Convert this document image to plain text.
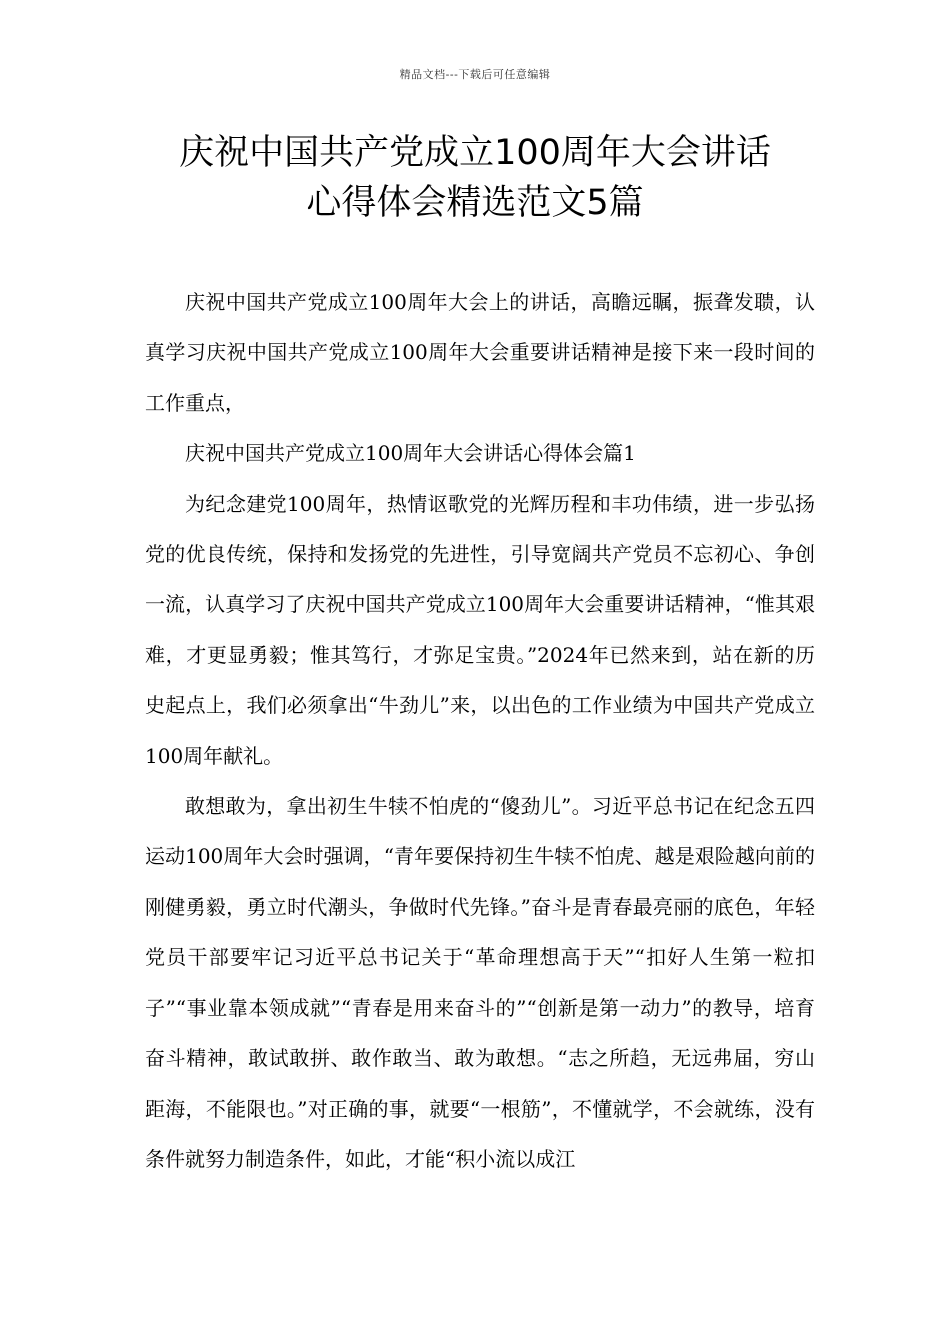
精品文档---下载后可任意编辑
庆祝中国共产党成立100周年大会讲话
心得体会精选范文5篇

庆祝中国共产党成立100周年大会上的讲话，高瞻远瞩，振聋发聩，认真学习庆祝中国共产党成立100周年大会重要讲话精神是接下来一段时间的工作重点，

庆祝中国共产党成立100周年大会讲话心得体会篇1

为纪念建党100周年，热情讴歌党的光辉历程和丰功伟绩，进一步弘扬党的优良传统，保持和发扬党的先进性，引导宽阔共产党员不忘初心、争创一流，认真学习了庆祝中国共产党成立100周年大会重要讲话精神，“惟其艰难，才更显勇毅；惟其笃行，才弥足宝贵。”2024年已然来到，站在新的历史起点上，我们必须拿出“牛劲儿”来，以出色的工作业绩为中国共产党成立100周年献礼。

敢想敢为，拿出初生牛犊不怕虎的“傻劲儿”。习近平总书记在纪念五四运动100周年大会时强调，“青年要保持初生牛犊不怕虎、越是艰险越向前的刚健勇毅，勇立时代潮头，争做时代先锋。”奋斗是青春最亮丽的底色，年轻党员干部要牢记习近平总书记关于“革命理想高于天”“扣好人生第一粒扣子”“事业靠本领成就”“青春是用来奋斗的”“创新是第一动力”的教导，培育奋斗精神，敢试敢拼、敢作敢当、敢为敢想。“志之所趋，无远弗届，穷山距海，不能限也。”对正确的事，就要“一根筋”，不懂就学，不会就练，没有条件就努力制造条件，如此，才能“积小流以成江
